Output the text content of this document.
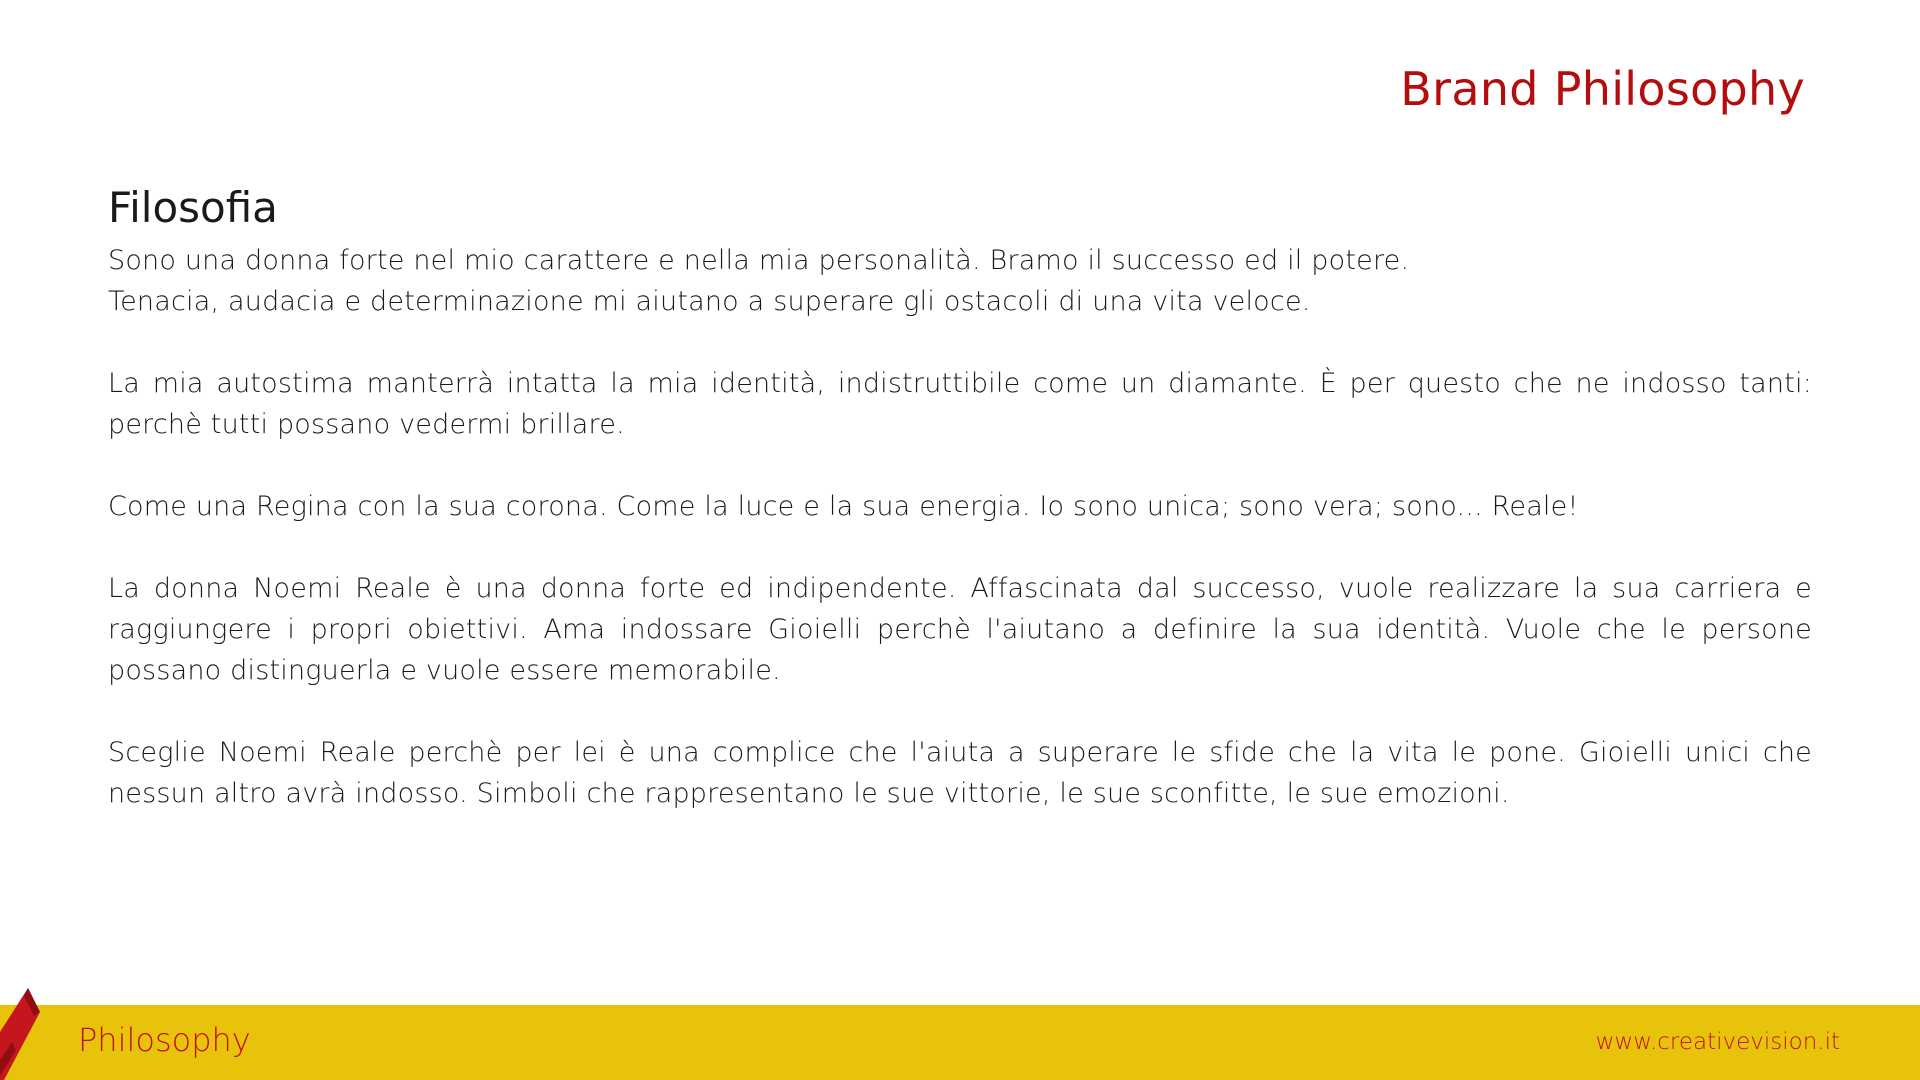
Brand Philosophy
Filosofia

Sono una donna forte nel mio carattere e nella mia personalità. Bramo il successo ed il potere.
Tenacia, audacia e determinazione mi aiutano a superare gli ostacoli di una vita veloce.

La mia autostima manterrà intatta la mia identità, indistruttibile come un diamante. È per questo che ne indosso tanti: perchè tutti possano vedermi brillare.

Come una Regina con la sua corona. Come la luce e la sua energia. Io sono unica; sono vera; sono... Reale!

La donna Noemi Reale è una donna forte ed indipendente. Affascinata dal successo, vuole realizzare la sua carriera e raggiungere i propri obiettivi. Ama indossare Gioielli perchè l'aiutano a definire la sua identità. Vuole che le persone possano distinguerla e vuole essere memorabile.

Sceglie Noemi Reale perchè per lei è una complice che l'aiuta a superare le sfide che la vita le pone. Gioielli unici che nessun altro avrà indosso. Simboli che rappresentano le sue vittorie, le sue sconfitte, le sue emozioni.

Philosophy	www.creativevision.it
